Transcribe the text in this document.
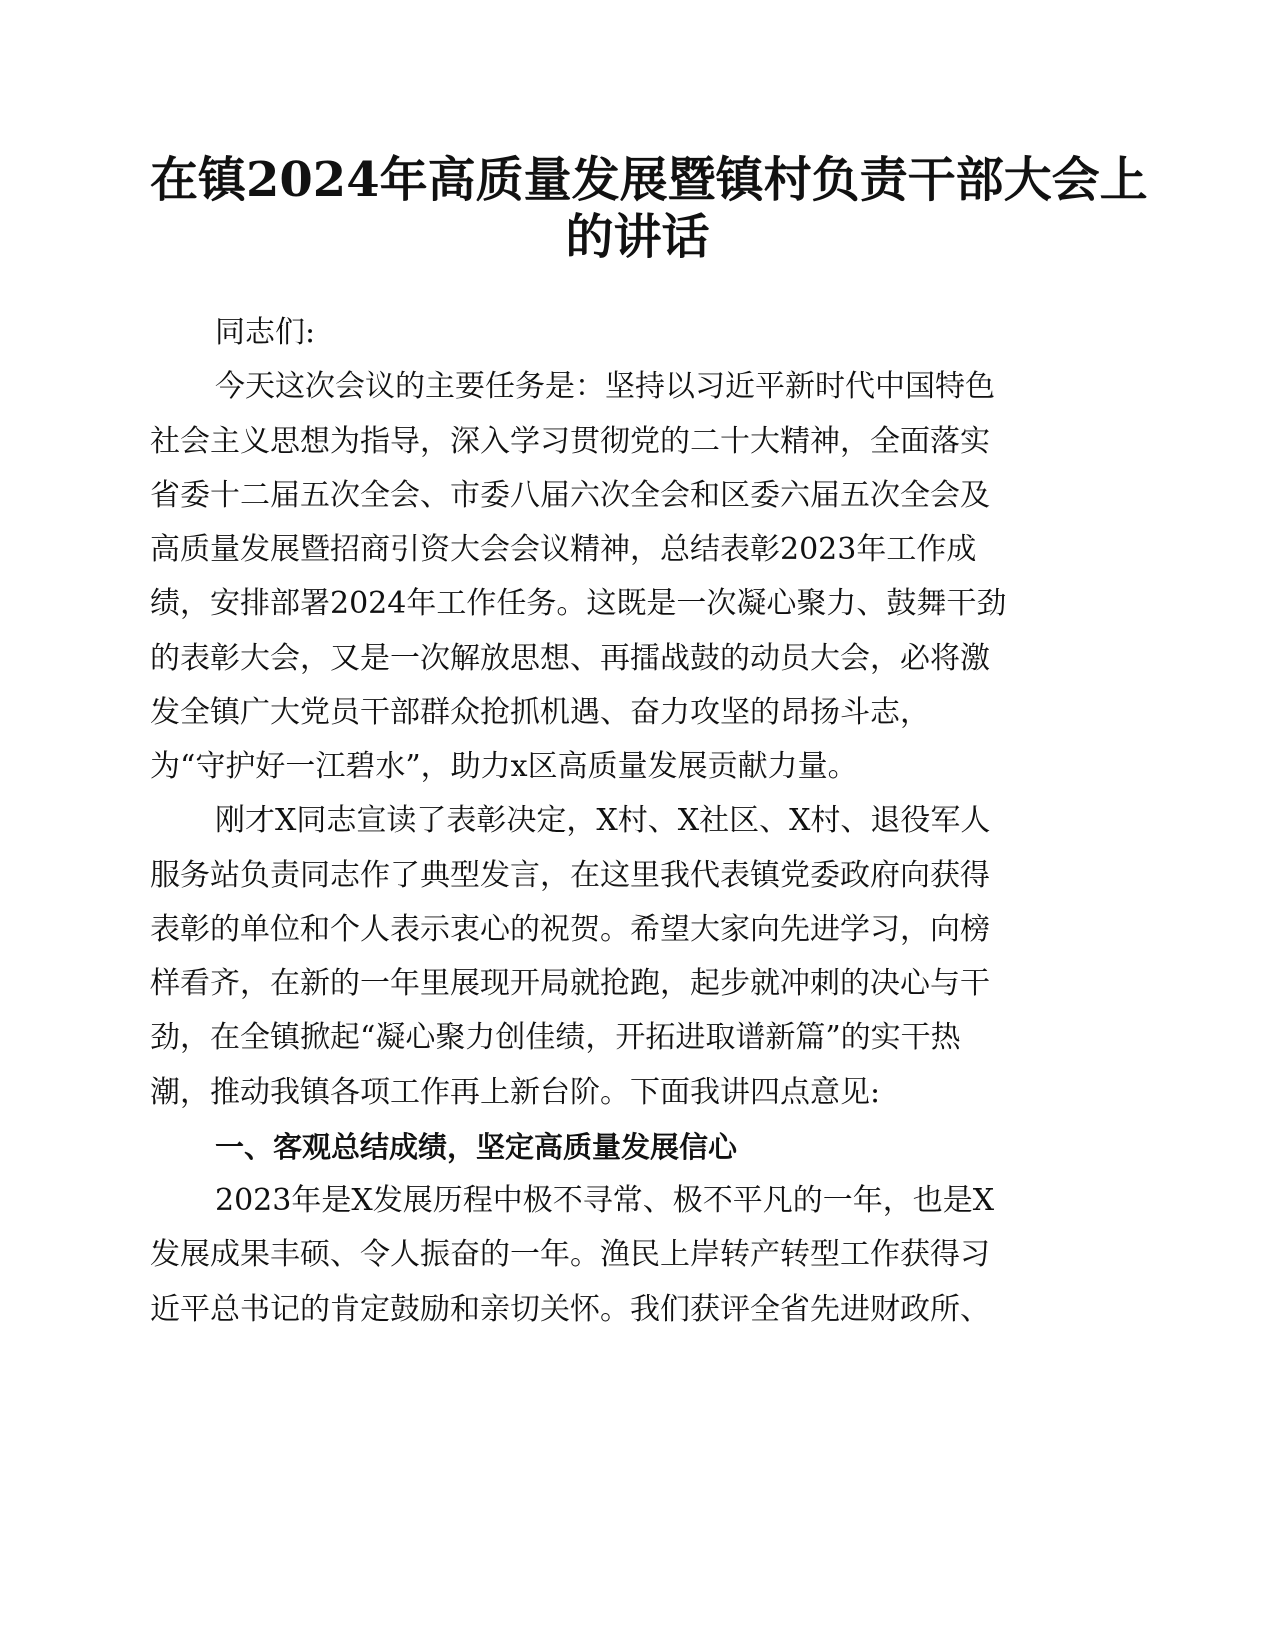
在镇2024年高质量发展暨镇村负责干部大会上
的讲话

同志们:

今天这次会议的主要任务是：坚持以习近平新时代中国特色

社会主义思想为指导，深入学习贯彻党的二十大精神，全面落实

省委十二届五次全会、市委八届六次全会和区委六届五次全会及

高质量发展暨招商引资大会会议精神，总结表彰2023年工作成

绩，安排部署2024年工作任务。这既是一次凝心聚力、鼓舞干劲

的表彰大会，又是一次解放思想、再擂战鼓的动员大会，必将激

发全镇广大党员干部群众抢抓机遇、奋力攻坚的昂扬斗志，

为“守护好一江碧水”，助力x区高质量发展贡献力量。

刚才X同志宣读了表彰决定，X村、X社区、X村、退役军人

服务站负责同志作了典型发言，在这里我代表镇党委政府向获得

表彰的单位和个人表示衷心的祝贺。希望大家向先进学习，向榜

样看齐，在新的一年里展现开局就抢跑，起步就冲刺的决心与干

劲，在全镇掀起“凝心聚力创佳绩，开拓进取谱新篇”的实干热

潮，推动我镇各项工作再上新台阶。下面我讲四点意见:

一、客观总结成绩，坚定高质量发展信心

2023年是X发展历程中极不寻常、极不平凡的一年，也是X

发展成果丰硕、令人振奋的一年。渔民上岸转产转型工作获得习

近平总书记的肯定鼓励和亲切关怀。我们获评全省先进财政所、
